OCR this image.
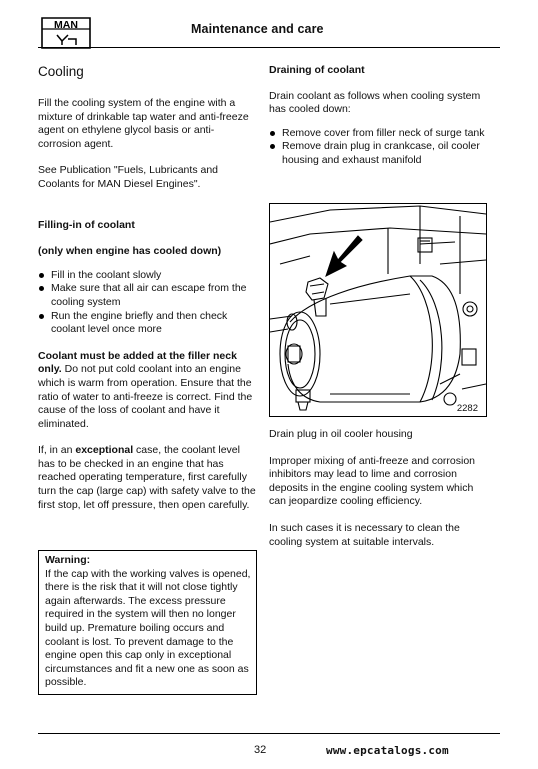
MAN	Maintenance and care
Cooling

Fill the cooling system of the engine with a mixture of drinkable tap water and anti-freeze agent on ethylene glycol basis or anti-corrosion agent.

See Publication "Fuels, Lubricants and Coolants for MAN Diesel Engines".

Filling-in of coolant

(only when engine has cooled down)

Fill in the coolant slowly
Make sure that all air can escape from the cooling system
Run the engine briefly and then check coolant level once more

Coolant must be added at the filler neck only. Do not put cold coolant into an engine which is warm from operation. Ensure that the ratio of water to anti-freeze is correct. Find the cause of the loss of coolant and have it eliminated.

If, in an exceptional case, the coolant level has to be checked in an engine that has reached operating temperature, first carefully turn the cap (large cap) with safety valve to the first stop, let off pressure, then open carefully.

Warning:

If the cap with the working valves is opened, there is the risk that it will not close tightly again afterwards. The excess pressure required in the system will then no longer build up. Premature boiling occurs and coolant is lost. To prevent damage to the engine open this cap only in exceptional circumstances and fit a new one as soon as possible.

Draining of coolant

Drain coolant as follows when cooling system has cooled down:

Remove cover from filler neck of surge tank
Remove drain plug in crankcase, oil cooler housing and exhaust manifold
2282

Drain plug in oil cooler housing

Improper mixing of anti-freeze and corrosion inhibitors may lead to lime and corrosion deposits in the engine cooling system which can jeopardize cooling efficiency.

In such cases it is necessary to clean the cooling system at suitable intervals.

32	www.epcatalogs.com
